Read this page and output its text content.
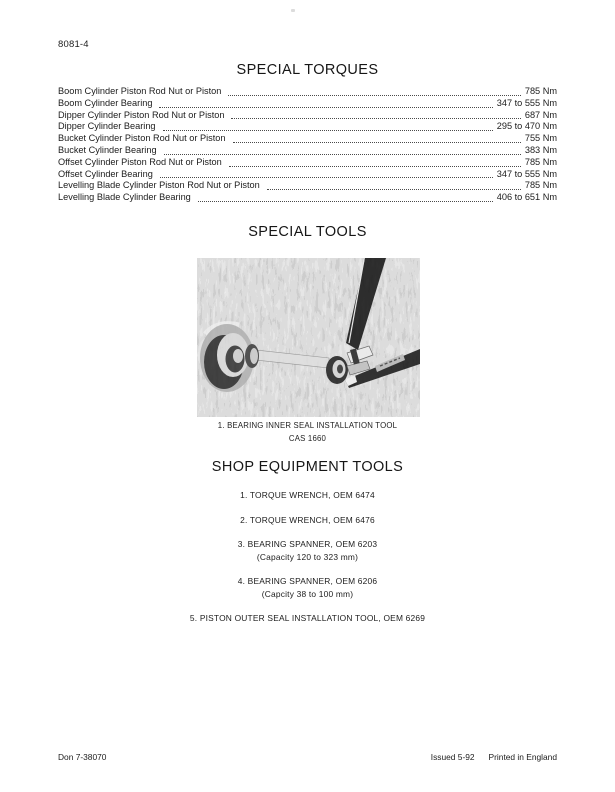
8081-4
SPECIAL TORQUES
Boom Cylinder Piston Rod Nut or Piston	785 Nm
Boom Cylinder Bearing	347 to 555 Nm
Dipper Cylinder Piston Rod Nut or Piston	687 Nm
Dipper Cylinder Bearing	295 to 470 Nm
Bucket Cylinder Piston Rod Nut or Piston	755 Nm
Bucket Cylinder Bearing	383 Nm
Offset Cylinder Piston Rod Nut or Piston	785 Nm
Offset Cylinder Bearing	347 to 555 Nm
Levelling Blade Cylinder Piston Rod Nut or Piston	785 Nm
Levelling Blade Cylinder Bearing	406 to 651 Nm
SPECIAL TOOLS
1. BEARING INNER SEAL INSTALLATION TOOL
CAS 1660
SHOP EQUIPMENT TOOLS
1. TORQUE WRENCH, OEM 6474
2. TORQUE WRENCH, OEM 6476
3. BEARING SPANNER, OEM 6203
(Capacity 120 to 323 mm)
4. BEARING SPANNER, OEM 6206
(Capcity 38 to 100 mm)
5. PISTON OUTER SEAL INSTALLATION TOOL, OEM 6269
Don 7-38070	Issued 5-92 Printed in England
